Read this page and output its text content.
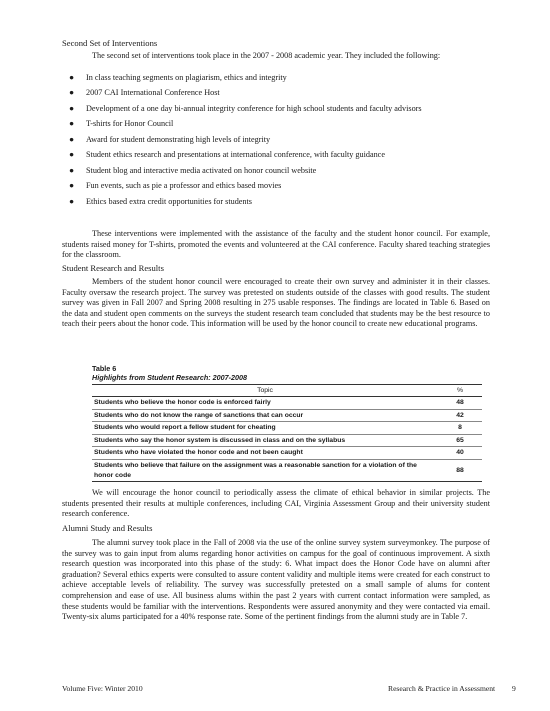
Second Set of Interventions
The second set of interventions took place in the 2007 - 2008 academic year. They included the following:
● In class teaching segments on plagiarism, ethics and integrity
● 2007 CAI International Conference Host
● Development of a one day bi-annual integrity conference for high school students and faculty advisors
● T-shirts for Honor Council
● Award for student demonstrating high levels of integrity
● Student ethics research and presentations at international conference, with faculty guidance
● Student blog and interactive media activated on honor council website
● Fun events, such as pie a professor and ethics based movies
● Ethics based extra credit opportunities for students
These interventions were implemented with the assistance of the faculty and the student honor council. For example, students raised money for T-shirts, promoted the events and volunteered at the CAI conference. Faculty shared teaching strategies for the classroom.
Student Research and Results
Members of the student honor council were encouraged to create their own survey and administer it in their classes. Faculty oversaw the research project. The survey was pretested on students outside of the classes with good results. The student survey was given in Fall 2007 and Spring 2008 resulting in 275 usable responses. The findings are located in Table 6. Based on the data and student open comments on the surveys the student research team concluded that students may be the best resource to teach their peers about the honor code. This information will be used by the honor council to create new educational programs.
Table 6
Highlights from Student Research: 2007-2008
Topic	%
Students who believe the honor code is enforced fairly	48
Students who do not know the range of sanctions that can occur	42
Students who would report a fellow student for cheating	8
Students who say the honor system is discussed in class and on the syllabus	65
Students who have violated the honor code and not been caught	40
Students who believe that failure on the assignment was a reasonable sanction for a violation of the honor code	88
We will encourage the honor council to periodically assess the climate of ethical behavior in similar projects. The students presented their results at multiple conferences, including CAI, Virginia Assessment Group and their university student research conference.
Alumni Study and Results
The alumni survey took place in the Fall of 2008 via the use of the online survey system surveymonkey. The purpose of the survey was to gain input from alums regarding honor activities on campus for the goal of continuous improvement. A sixth research question was incorporated into this phase of the study: 6. What impact does the Honor Code have on alumni after graduation? Several ethics experts were consulted to assure content validity and multiple items were created for each construct to achieve acceptable levels of reliability. The survey was successfully pretested on a small sample of alums for content comprehension and ease of use. All business alums within the past 2 years with current contact information were sampled, as these students would be familiar with the interventions. Respondents were assured anonymity and they were contacted via email. Twenty-six alums participated for a 40% response rate. Some of the pertinent findings from the alumni study are in Table 7.
Volume Five: Winter 2010	Research & Practice in Assessment 9
